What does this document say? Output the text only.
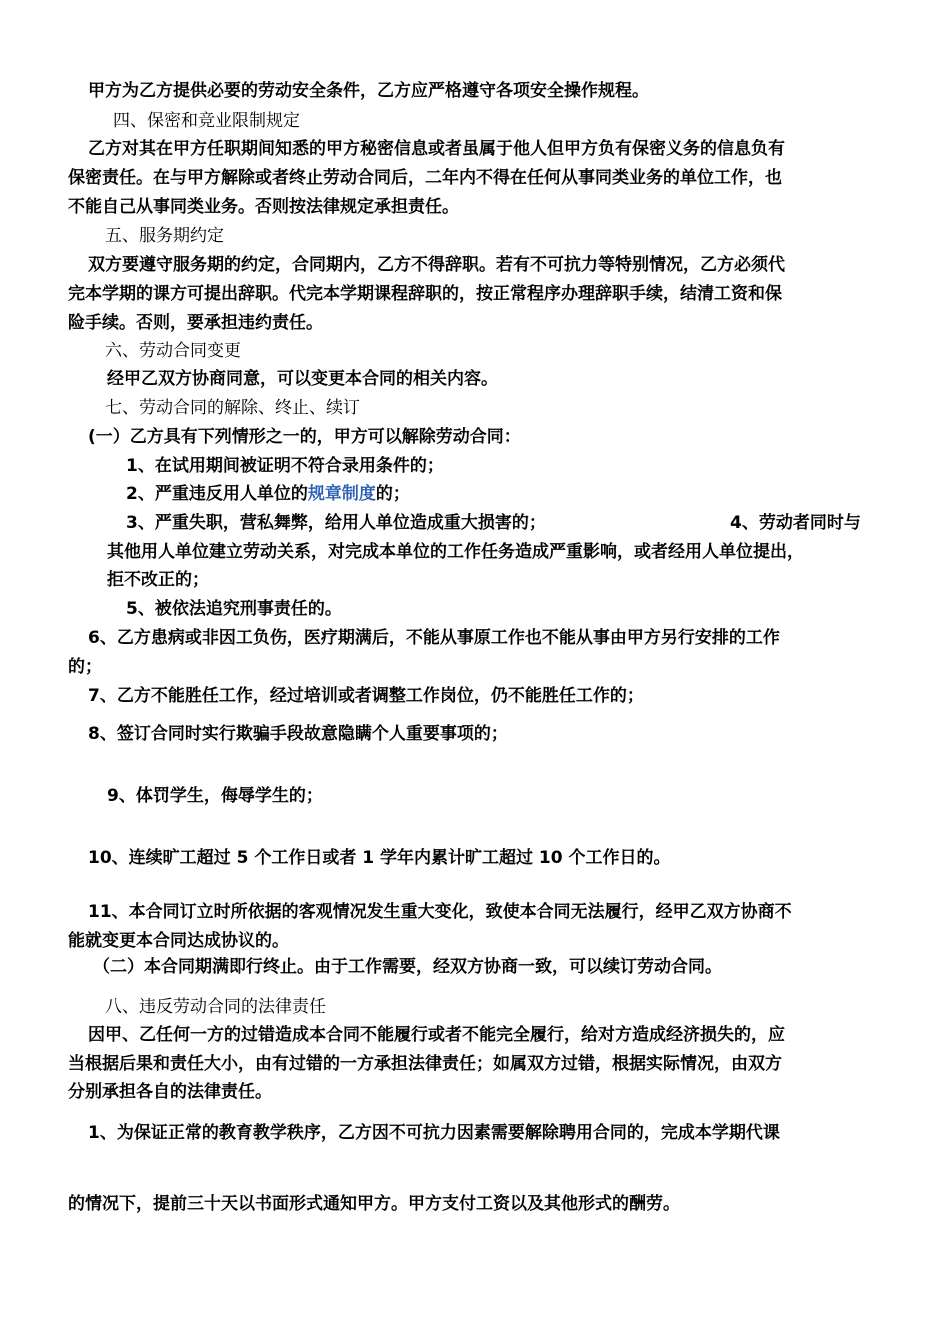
甲方为乙方提供必要的劳动安全条件，乙方应严格遵守各项安全操作规程。
四、保密和竞业限制规定
乙方对其在甲方任职期间知悉的甲方秘密信息或者虽属于他人但甲方负有保密义务的信息负有
保密责任。在与甲方解除或者终止劳动合同后，二年内不得在任何从事同类业务的单位工作，也
不能自己从事同类业务。否则按法律规定承担责任。
五、服务期约定
双方要遵守服务期的约定，合同期内，乙方不得辞职。若有不可抗力等特别情况，乙方必须代
完本学期的课方可提出辞职。代完本学期课程辞职的，按正常程序办理辞职手续，结清工资和保
险手续。否则，要承担违约责任。
六、劳动合同变更
经甲乙双方协商同意，可以变更本合同的相关内容。
七、劳动合同的解除、终止、续订
(一）乙方具有下列情形之一的，甲方可以解除劳动合同：
1、在试用期间被证明不符合录用条件的；
2、严重违反用人单位的规章制度的；
3、严重失职，营私舞弊，给用人单位造成重大损害的；	4、劳动者同时与
其他用人单位建立劳动关系，对完成本单位的工作任务造成严重影响，或者经用人单位提出，
拒不改正的；
5、被依法追究刑事责任的。
6、乙方患病或非因工负伤，医疗期满后，不能从事原工作也不能从事由甲方另行安排的工作
的；
7、乙方不能胜任工作，经过培训或者调整工作岗位，仍不能胜任工作的；
8、签订合同时实行欺骗手段故意隐瞒个人重要事项的；
9、体罚学生，侮辱学生的；
10、连续旷工超过 5 个工作日或者 1 学年内累计旷工超过 10 个工作日的。
11、本合同订立时所依据的客观情况发生重大变化，致使本合同无法履行，经甲乙双方协商不
能就变更本合同达成协议的。
（二）本合同期满即行终止。由于工作需要，经双方协商一致，可以续订劳动合同。
八、违反劳动合同的法律责任
因甲、乙任何一方的过错造成本合同不能履行或者不能完全履行，给对方造成经济损失的，应
当根据后果和责任大小，由有过错的一方承担法律责任；如属双方过错，根据实际情况，由双方
分别承担各自的法律责任。
1、为保证正常的教育教学秩序，乙方因不可抗力因素需要解除聘用合同的，完成本学期代课
的情况下，提前三十天以书面形式通知甲方。甲方支付工资以及其他形式的酬劳。
